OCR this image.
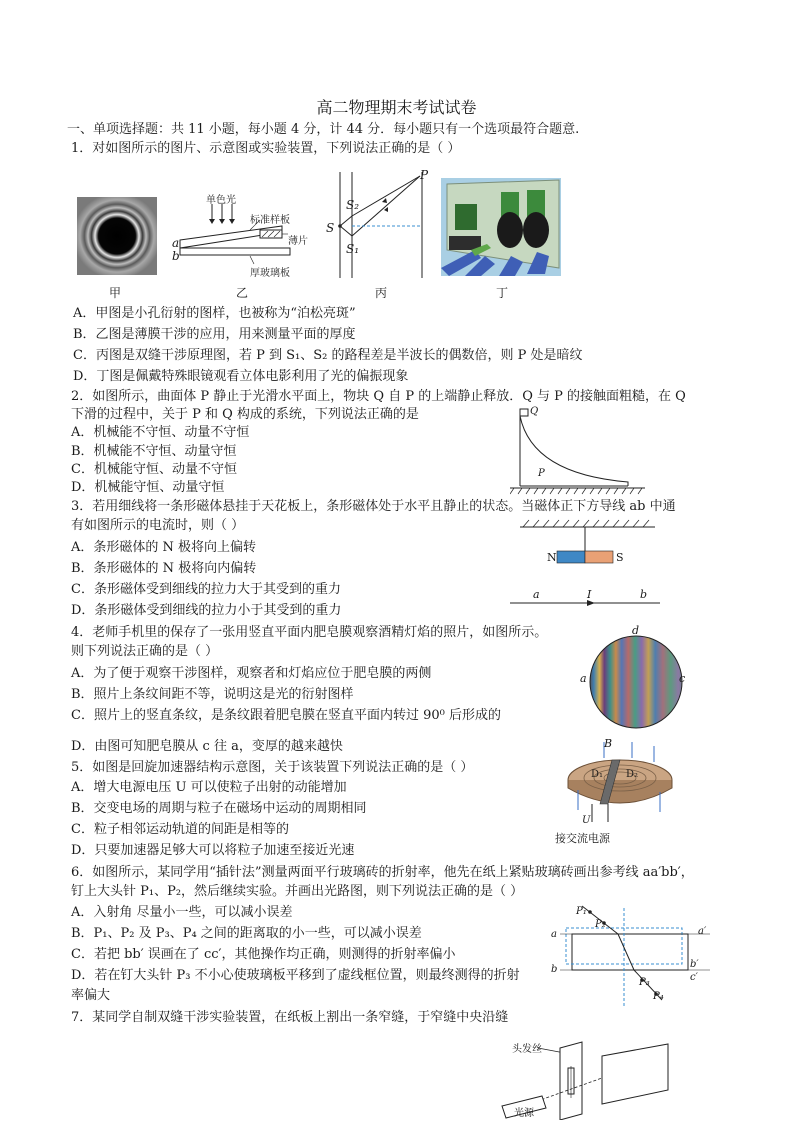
高二物理期末考试试卷
一、单项选择题：共 11 小题，每小题 4 分，计 44 分．每小题只有一个选项最符合题意.
1．对如图所示的图片、示意图或实验装置，下列说法正确的是（ ）
甲
单色光
标准样板
薄片
厚玻璃板
a
b
乙
P
S
S₂
S₁
丙	丁
A．甲图是小孔衍射的图样，也被称为“泊松亮斑”
B．乙图是薄膜干涉的应用，用来测量平面的厚度
C．丙图是双缝干涉原理图，若 P 到 S₁、S₂ 的路程差是半波长的偶数倍，则 P 处是暗纹
D．丁图是佩戴特殊眼镜观看立体电影利用了光的偏振现象
2．如图所示，曲面体 P 静止于光滑水平面上，物块 Q 自 P 的上端静止释放．Q 与 P 的接触面粗糙，在 Q
下滑的过程中，关于 P 和 Q 构成的系统，下列说法正确的是
A．机械能不守恒、动量不守恒
B．机械能不守恒、动量守恒
C．机械能守恒、动量不守恒
D．机械能守恒、动量守恒
Q
P
3．若用细线将一条形磁体悬挂于天花板上，条形磁体处于水平且静止的状态。当磁体正下方导线 ab 中通
有如图所示的电流时，则（ ）
A．条形磁体的 N 极将向上偏转
B．条形磁体的 N 极将向内偏转
C．条形磁体受到细线的拉力大于其受到的重力
D．条形磁体受到细线的拉力小于其受到的重力
N	S
a	I	b
4．老师手机里的保存了一张用竖直平面内肥皂膜观察酒精灯焰的照片，如图所示。
则下列说法正确的是（ ）
A．为了便于观察干涉图样，观察者和灯焰应位于肥皂膜的两侧
B．照片上条纹间距不等，说明这是光的衍射图样
C．照片上的竖直条纹，是条纹跟着肥皂膜在竖直平面内转过 90⁰ 后形成的
D．由图可知肥皂膜从 c 往 a，变厚的越来越快
d
a	c
5．如图是回旋加速器结构示意图，关于该装置下列说法正确的是（ ）
A．增大电源电压 U 可以使粒子出射的动能增加
B．交变电场的周期与粒子在磁场中运动的周期相同
C．粒子相邻运动轨道的间距是相等的
D．只要加速器足够大可以将粒子加速至接近光速
B
D₁ D₂
U
接交流电源
6．如图所示，某同学用“插针法”测量两面平行玻璃砖的折射率，他先在纸上紧贴玻璃砖画出参考线 aa′bb′，
钉上大头针 P₁、P₂，然后继续实验。并画出光路图，则下列说法正确的是（ ）
A．入射角 尽量小一些，可以减小误差
B．P₁、P₂ 及 P₃、P₄ 之间的距离取的小一些，可以减小误差
C．若把 bb′ 误画在了 cc′，其他操作均正确，则测得的折射率偏小
D．若在钉大头针 P₃ 不小心使玻璃板平移到了虚线框位置，则最终测得的折射
率偏大
P₁
P₂
P₃
P₄
a	a′
b	b′
c′
7．某同学自制双缝干涉实验装置，在纸板上割出一条窄缝，于窄缝中央沿缝
头发丝
光源
